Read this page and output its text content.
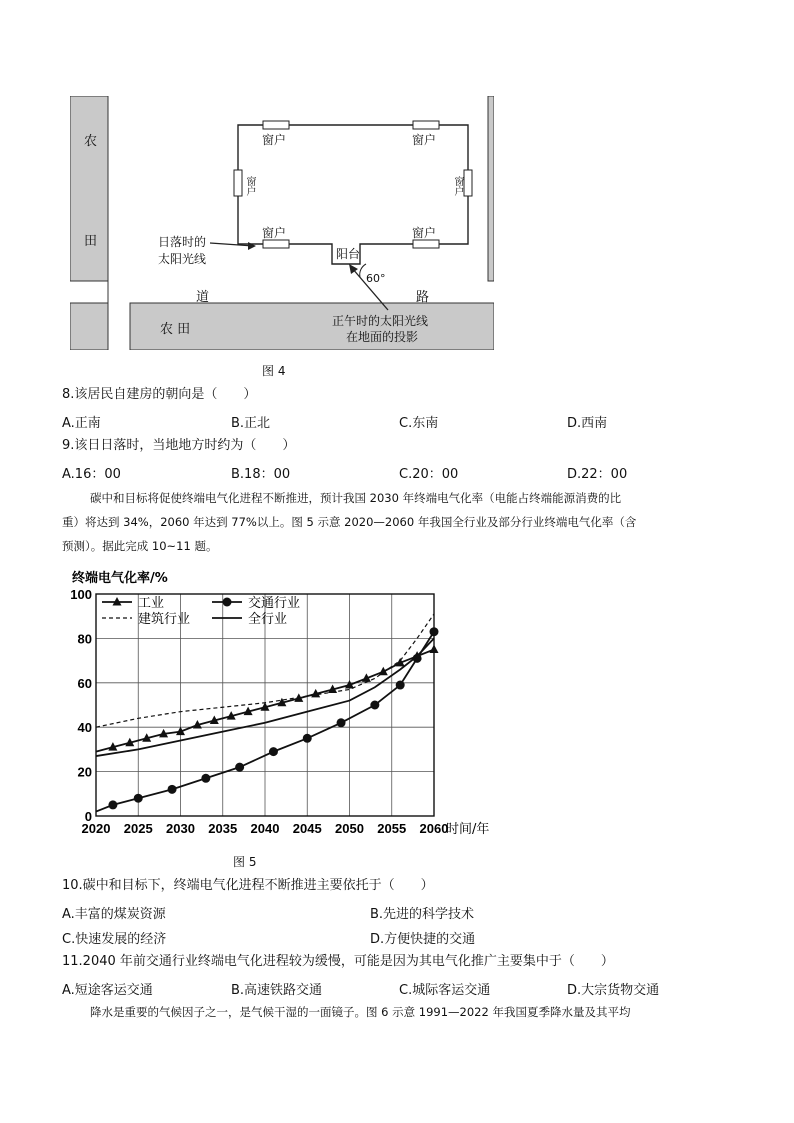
农
田
窗户	窗户
窗户	窗户
窗户	窗户
阳台
60°
日落时的
太阳光线
道	路
农 田
正午时的太阳光线
在地面的投影
图 4
8.该居民自建房的朝向是（　　）
A.正南	B.正北	C.东南	D.西南
9.该日日落时，当地地方时约为（　　）
A.16：00	B.18：00	C.20：00	D.22：00
碳中和目标将促使终端电气化进程不断推进，预计我国 2030 年终端电气化率（电能占终端能源消费的比
重）将达到 34%，2060 年达到 77%以上。图 5 示意 2020—2060 年我国全行业及部分行业终端电气化率（含
预测）。据此完成 10~11 题。
0
20
40
60
80
100
2020 2025 2030 2035 2040 2045 2050 2055 2060
终端电气化率/%
时间/年
工业	交通行业
建筑行业	全行业
图 5
10.碳中和目标下，终端电气化进程不断推进主要依托于（　　）
A.丰富的煤炭资源	B.先进的科学技术
C.快速发展的经济	D.方便快捷的交通
11.2040 年前交通行业终端电气化进程较为缓慢，可能是因为其电气化推广主要集中于（　　）
A.短途客运交通	B.高速铁路交通	C.城际客运交通	D.大宗货物交通
降水是重要的气候因子之一，是气候干湿的一面镜子。图 6 示意 1991—2022 年我国夏季降水量及其平均
